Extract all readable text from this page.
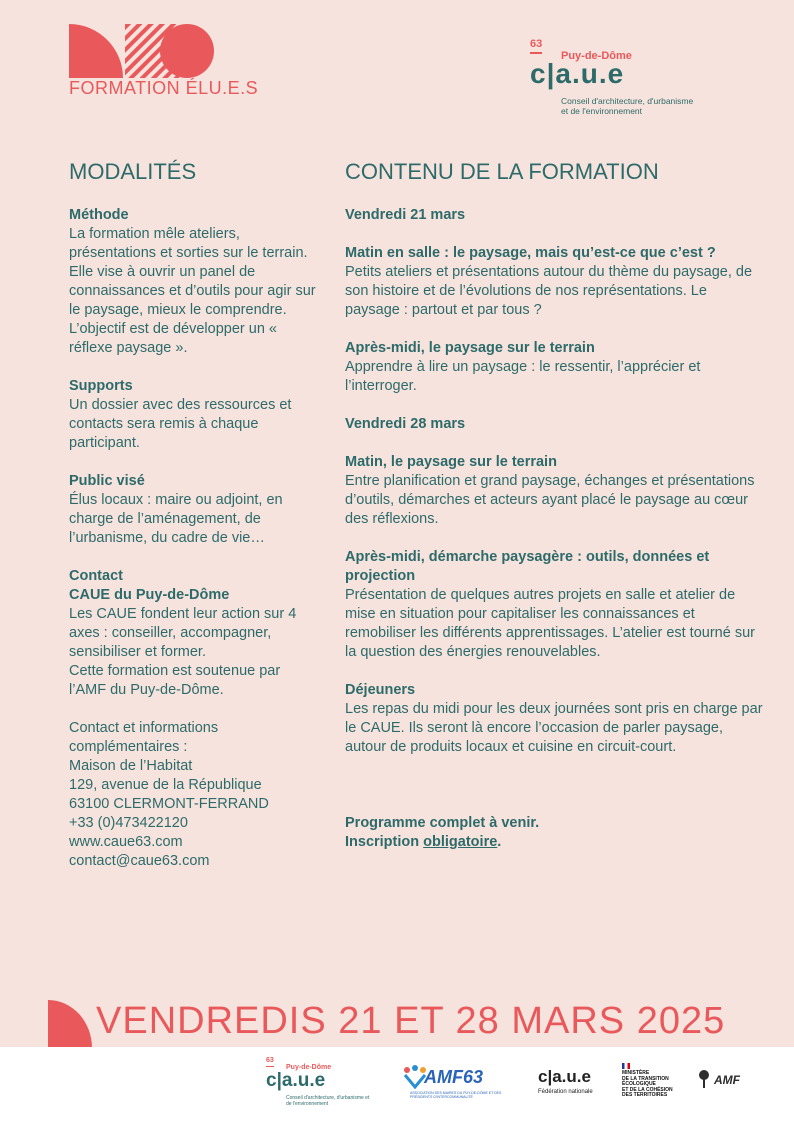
FORMATION ÉLU.E.S
63
Puy-de-Dôme
c|a.u.e
Conseil d'architecture, d'urbanisme
et de l'environnement
MODALITÉS	CONTENU DE LA FORMATION

Méthode

La formation mêle ateliers, présentations et sorties sur le terrain. Elle vise à ouvrir un panel de connaissances et d’outils pour agir sur le paysage, mieux le comprendre. L’objectif est de développer un « réflexe paysage ».

Supports

Un dossier avec des ressources et contacts sera remis à chaque participant.

Public visé

Élus locaux : maire ou adjoint, en charge de l’aménagement, de l’urbanisme, du cadre de vie…

Contact

CAUE du Puy-de-Dôme

Les CAUE fondent leur action sur 4 axes : conseiller, accompagner, sensibiliser et former.

Cette formation est soutenue par l’AMF du Puy-de-Dôme.

Contact et informations complémentaires :

Maison de l’Habitat

129, avenue de la République

63100 CLERMONT-FERRAND

+33 (0)473422120

www.caue63.com

contact@caue63.com

Vendredi 21 mars

Matin en salle : le paysage, mais qu’est-ce que c’est ?

Petits ateliers et présentations autour du thème du paysage, de son histoire et de l’évolutions de nos représentations. Le paysage : partout et par tous ?

Après-midi, le paysage sur le terrain

Apprendre à lire un paysage : le ressentir, l’apprécier et l’interroger.

Vendredi 28 mars

Matin, le paysage sur le terrain

Entre planification et grand paysage, échanges et présentations d’outils, démarches et acteurs ayant placé le paysage au cœur des réflexions.

Après-midi, démarche paysagère : outils, données et projection

Présentation de quelques autres projets en salle et atelier de mise en situation pour capitaliser les connaissances et remobiliser les différents apprentissages. L’atelier est tourné sur la question des énergies renouvelables.

Déjeuners

Les repas du midi pour les deux journées sont pris en charge par le CAUE. Ils seront là encore l’occasion de parler paysage, autour de produits locaux et cuisine en circuit-court.

Programme complet à venir.

Inscription obligatoire.

VENDREDIS 21 ET 28 MARS 2025
63
Puy-de-Dôme
c|a.u.e
Conseil d'architecture, d'urbanisme et de l'environnement
AMF63
ASSOCIATION DES MAIRES DU PUY-DE-DÔME ET DES PRÉSIDENTS D'INTERCOMMUNALITÉ
c|a.u.e
Fédération nationale
MINISTÈRE
DE LA TRANSITION
ÉCOLOGIQUE
ET DE LA COHÉSION
DES TERRITOIRES
AMF
